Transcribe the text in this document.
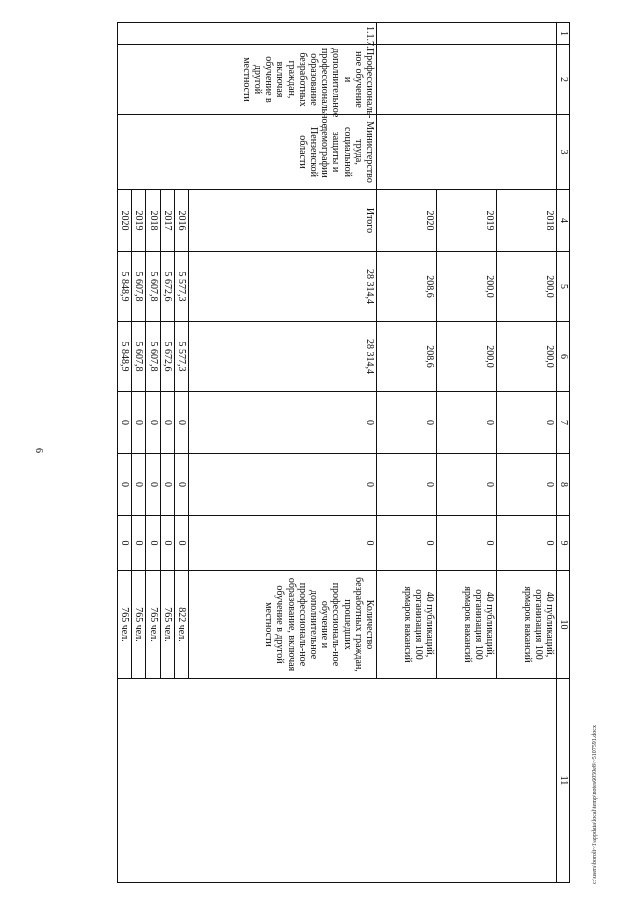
6
1	2	3	4	5	6	7	8	9	10	11
			2018	200,0	200,0	0	0	0	40 публикаций, организация 100 ярмарок вакансий	
			2019	200,0	200,0	0	0	0	40 публикаций, организация 100 ярмарок вакансий	
			2020	208,6	208,6	0	0	0	40 публикаций, организация 100 ярмарок вакансий	
1.1.7.	Профессиональ-ное обучение и дополнительное профессиональное образование безработных граждан, включая обучение в другой местности	Министерство труда, социальной защиты и демографии Пензенской области	Итого	28 314,4	28 314,4	0	0	0	Количество безработных граждан, прошедших профессиональ-ное обучение и дополнительное профессиональ-ное образование, включая обучение в другой местности	
			2016	5 577,3	5 577,3	0	0	0	822 чел.	
			2017	5 672,6	5 672,6	0	0	0	765 чел.	
			2018	5 607,8	5 607,8	0	0	0	765 чел.	
			2019	5 607,8	5 607,8	0	0	0	765 чел.	
			2020	5 848,9	5 848,9	0	0	0	765 чел.	
c:\users\boroli~1\appdata\local\temp\notes6050e8\~5107591.docx
